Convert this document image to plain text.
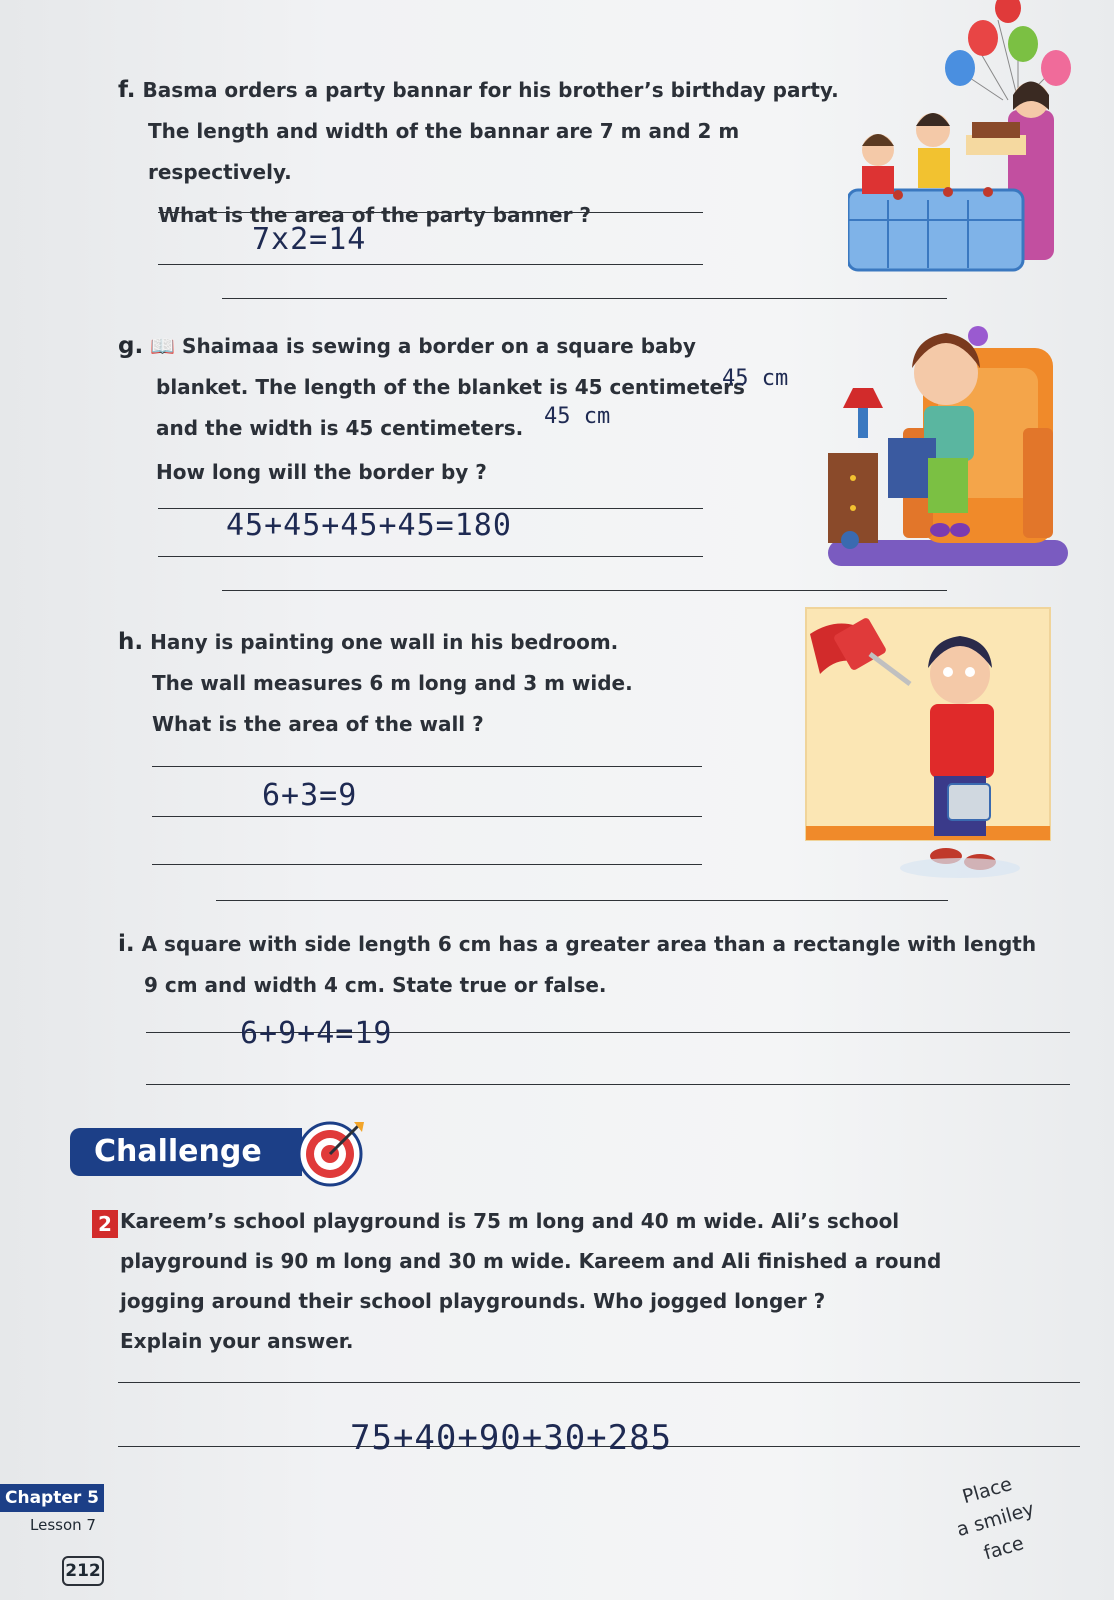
f. Basma orders a party bannar for his brother’s birthday party.
The length and width of the bannar are 7 m and 2 m respectively.
What is the area of the party banner ?
7x2=14
g. 📖 Shaimaa is sewing a border on a square baby
blanket. The length of the blanket is 45 centimeters
and the width is 45 centimeters.
How long will the border by ?
45 cm
45 cm
45+45+45+45=180
h. Hany is painting one wall in his bedroom.
The wall measures 6 m long and 3 m wide.
What is the area of the wall ?
6+3=9
i. A square with side length 6 cm has a greater area than a rectangle with length
9 cm and width 4 cm. State true or false.
6+9+4=19
Challenge
2 Kareem’s school playground is 75 m long and 40 m wide. Ali’s school
playground is 90 m long and 30 m wide. Kareem and Ali finished a round
jogging around their school playgrounds. Who jogged longer ?
Explain your answer.
75+40+90+30+285
Chapter 5
Lesson 7
212
Place
a smiley
face
